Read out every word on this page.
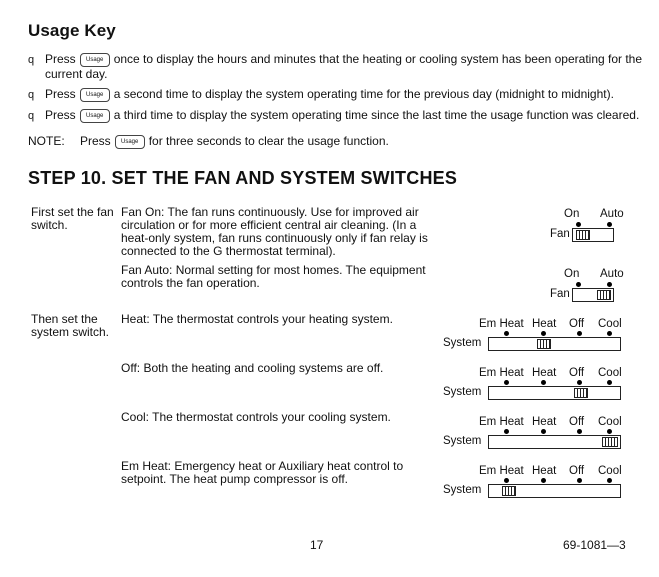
Usage Key
q Press Usage once to display the hours and minutes that the heating or cooling system has been operating for the current day.
q Press Usage a second time to display the system operating time for the previous day (midnight to midnight).
q Press Usage a third time to display the system operating time since the last time the usage function was cleared.
NOTE: Press Usage for three seconds to clear the usage function.
STEP 10. SET THE FAN AND SYSTEM SWITCHES
First set the fan switch.
Then set the system switch.
Fan On: The fan runs continuously. Use for improved air circulation or for more efficient central air cleaning. (In a heat-only system, fan runs continuously only if fan relay is connected to the G thermostat terminal).
Fan Auto: Normal setting for most homes. The equipment controls the fan operation.
Heat: The thermostat controls your heating system.
Off: Both the heating and cooling systems are off.
Cool: The thermostat controls your cooling system.
Em Heat: Emergency heat or Auxiliary heat control to setpoint. The heat pump compressor is off.
On Auto
Fan
On Auto
Fan
Em Heat Heat Off Cool
System
Em Heat Heat Off Cool
System
Em Heat Heat Off Cool
System
Em Heat Heat Off Cool
System
17	69-1081—3
